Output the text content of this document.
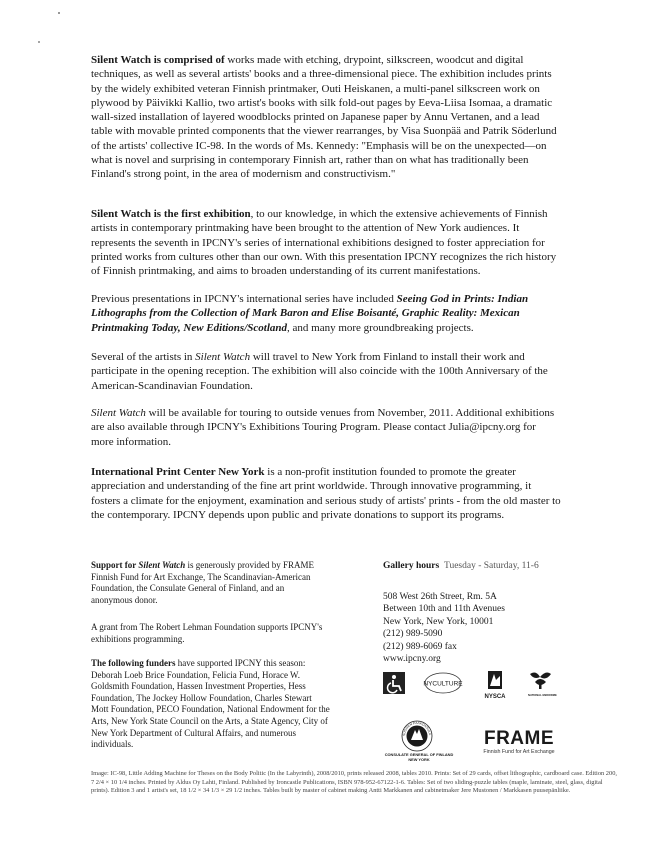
Silent Watch is comprised of works made with etching, drypoint, silkscreen, woodcut and digital techniques, as well as several artists' books and a three-dimensional piece. The exhibition includes prints by the widely exhibited veteran Finnish printmaker, Outi Heiskanen, a multi-panel silkscreen work on plywood by Päivikki Kallio, two artist's books with silk fold-out pages by Eeva-Liisa Isomaa, a dramatic wall-sized installation of layered woodblocks printed on Japanese paper by Annu Vertanen, and a lead table with movable printed components that the viewer rearranges, by Visa Suonpää and Patrik Söderlund of the artists' collective IC-98. In the words of Ms. Kennedy: "Emphasis will be on the unexpected—on what is novel and surprising in contemporary Finnish art, rather than on what has traditionally been Finland's strong point, in the area of modernism and constructivism."

Silent Watch is the first exhibition, to our knowledge, in which the extensive achievements of Finnish artists in contemporary printmaking have been brought to the attention of New York audiences. It represents the seventh in IPCNY's series of international exhibitions designed to foster appreciation for printed works from cultures other than our own. With this presentation IPCNY recognizes the rich history of Finnish printmaking, and aims to broaden understanding of its current manifestations.

Previous presentations in IPCNY's international series have included Seeing God in Prints: Indian Lithographs from the Collection of Mark Baron and Elise Boisanté, Graphic Reality: Mexican Printmaking Today, New Editions/Scotland, and many more groundbreaking projects.

Several of the artists in Silent Watch will travel to New York from Finland to install their work and participate in the opening reception. The exhibition will also coincide with the 100th Anniversary of the American-Scandinavian Foundation.

Silent Watch will be available for touring to outside venues from November, 2011. Additional exhibitions are also available through IPCNY's Exhibitions Touring Program. Please contact Julia@ipcny.org for more information.

International Print Center New York is a non-profit institution founded to promote the greater appreciation and understanding of the fine art print worldwide. Through innovative programming, it fosters a climate for the enjoyment, examination and serious study of artists' prints - from the old master to the contemporary. IPCNY depends upon public and private donations to support its programs.

Support for Silent Watch is generously provided by FRAME Finnish Fund for Art Exchange, The Scandinavian-American Foundation, the Consulate General of Finland, and an anonymous donor.

A grant from The Robert Lehman Foundation supports IPCNY's exhibitions programming.

The following funders have supported IPCNY this season: Deborah Loeb Brice Foundation, Felicia Fund, Horace W. Goldsmith Foundation, Hassen Investment Properties, Hess Foundation, The Jockey Hollow Foundation, Charles Stewart Mott Foundation, PECO Foundation, National Endowment for the Arts, New York State Council on the Arts, a State Agency, City of New York Department of Cultural Affairs, and numerous individuals.

Gallery hours Tuesday - Saturday, 11-6
508 West 26th Street, Rm. 5A
Between 10th and 11th Avenues
New York, New York, 10001
(212) 989-5090
(212) 989-6069 fax
www.ipcny.org
NYCULTURE
NYSCA	NATIONAL ENDOWME
SUOMEN PÄÄKONSULA
CONSULATE GENERAL OF FINLAND NEW YORK
FRAME
Finnish Fund for Art Exchange

Image: IC-98, Little Adding Machine for Theses on the Body Politic (In the Labyrinth), 2008/2010, prints released 2008, tables 2010. Prints: Set of 29 cards, offset lithographic, cardboard case. Edition 200, 7 2/4 × 10 1/4 inches. Printed by Aldus Oy Lahti, Finland. Published by Ironcastle Publications, ISBN 978-952-67122-1-6. Tables: Set of two sliding-puzzle tables (maple, laminate, steel, glass, digital prints). Edition 3 and 1 artist's set, 18 1/2 × 34 1/3 × 29 1/2 inches. Tables built by master of cabinet making Antti Markkanen and cabinetmaker Jere Mustonen / Markkasen puusepänliike.
